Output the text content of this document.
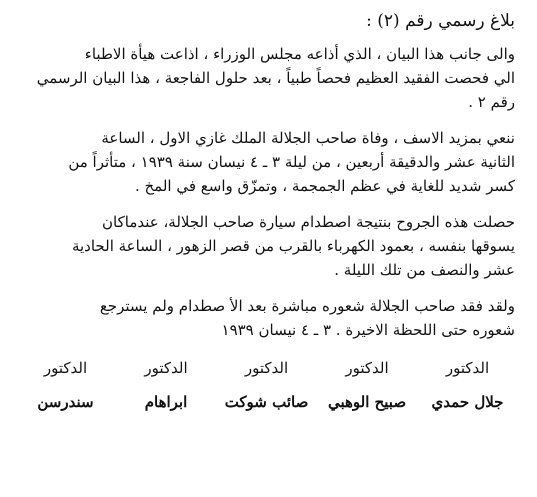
بلاغ رسمي رقم (٢) :
والى جانب هذا البيان ، الذي أذاعه مجلس الوزراء ، اذاعت هيأة الاطباء
الي فحصت الفقيد العظيم فحصاً طبياً ، بعد حلول الفاجعة ، هذا البيان الرسمي
رقم ٢ .
ننعي بمزيد الاسف ، وفاة صاحب الجلالة الملك غازي الاول ، الساعة
الثانية عشر والدقيقة أربعين ، من ليلة ٣ ـ ٤ نيسان سنة ١٩٣٩ ، متأثراً من
كسر شديد للغاية في عظم الجمجمة ، وتمزّق واسع في المخ .
حصلت هذه الجروح بنتيجة اصطدام سيارة صاحب الجلالة، عندماكان
يسوقها بنفسه ، بعمود الكهرباء بالقرب من قصر الزهور ، الساعة الحادية
عشر والنصف من تلك الليلة .
ولقد فقد صاحب الجلالة شعوره مباشرة بعد الأ صطدام ولم يسترجع
شعوره حتى اللحظة الاخيرة . ٣ ـ ٤ نيسان ١٩٣٩
الدكتور
الدكتور
الدكتور
الدكتور
الدكتور
جلال حمدي
صبيح الوهبي
صائب شوكت
ابراهام
سندرسن
